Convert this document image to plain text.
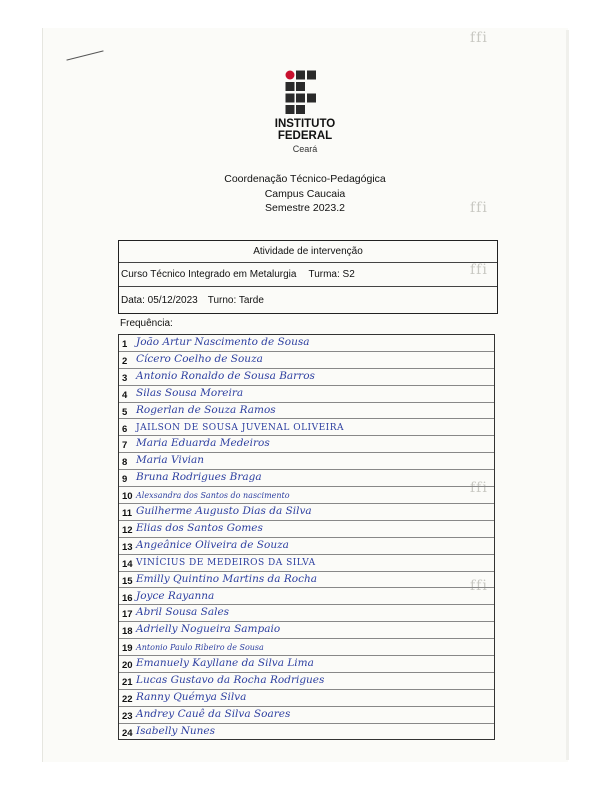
ffi
ffi
ffi
ffi
ffi
INSTITUTO
FEDERAL
Ceará
Coordenação Técnico-Pedagógica
Campus Caucaia
Semestre 2023.2
Atividade de intervenção
Curso Técnico Integrado em Metalurgia Turma: S2
Data: 05/12/2023 Turno: Tarde
Frequência:
1 João Artur Nascimento de Sousa
2 Cícero Coelho de Souza
3 Antonio Ronaldo de Sousa Barros
4 Silas Sousa Moreira
5 Rogerlan de Souza Ramos
6 JAILSON DE SOUSA JUVENAL OLIVEIRA
7 Maria Eduarda Medeiros
8 Maria Vivian
9 Bruna Rodrigues Braga
10 Alexsandra dos Santos do nascimento
11 Guilherme Augusto Dias da Silva
12 Elias dos Santos Gomes
13 Angeânice Oliveira de Souza
14 VINÍCIUS DE MEDEIROS DA SILVA
15 Emilly Quintino Martins da Rocha
16 Joyce Rayanna
17 Abril Sousa Sales
18 Adrielly Nogueira Sampaio
19 Antonio Paulo Ribeiro de Sousa
20 Emanuely Kayllane da Silva Lima
21 Lucas Gustavo da Rocha Rodrigues
22 Ranny Quémya Silva
23 Andrey Cauê da Silva Soares
24 Isabelly Nunes
